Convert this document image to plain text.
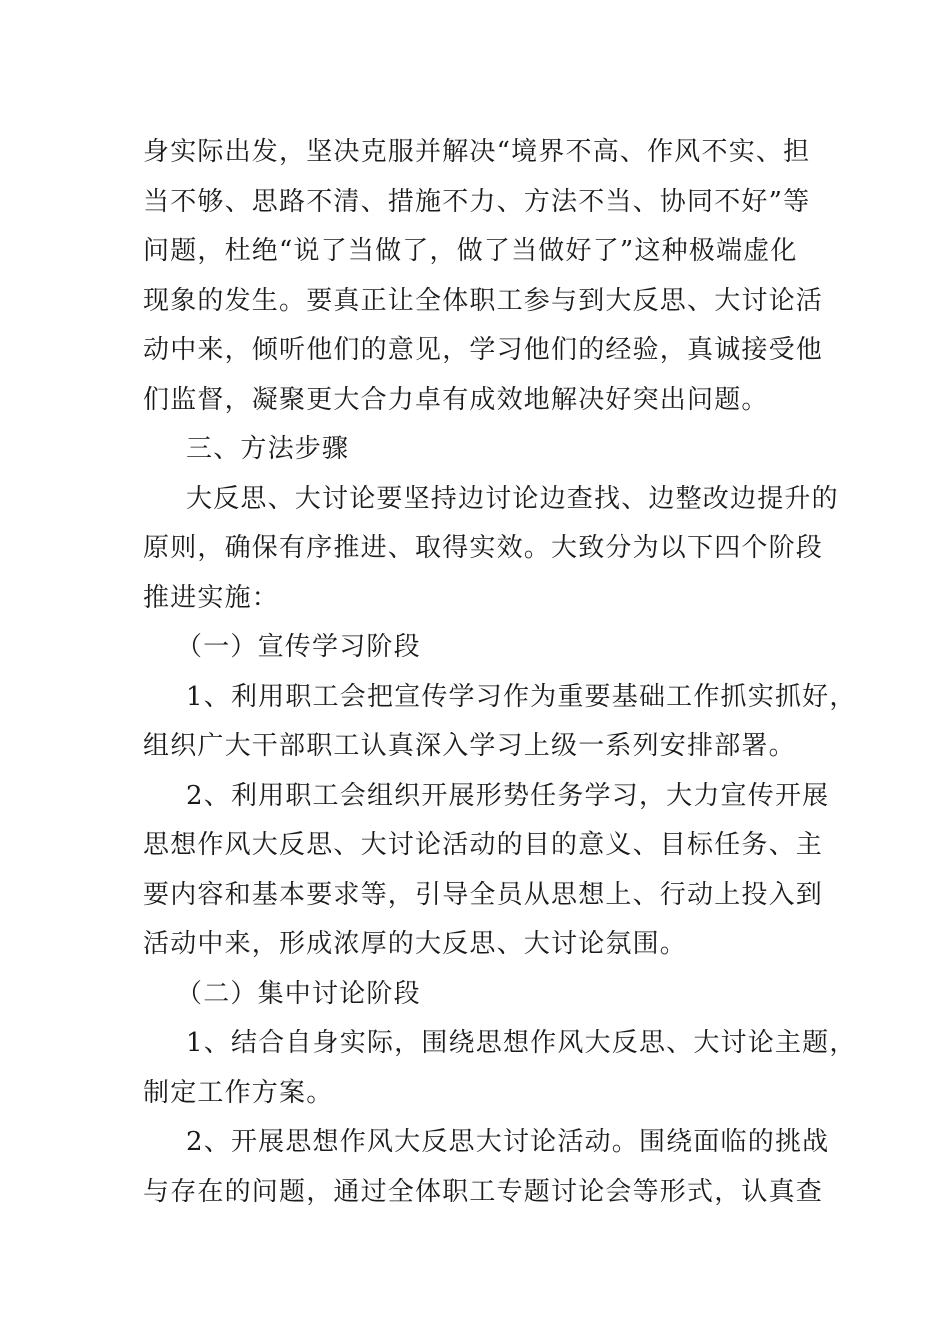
身实际出发，坚决克服并解决“境界不高、作风不实、担
当不够、思路不清、措施不力、方法不当、协同不好”等
问题，杜绝“说了当做了，做了当做好了”这种极端虚化
现象的发生。要真正让全体职工参与到大反思、大讨论活
动中来，倾听他们的意见，学习他们的经验，真诚接受他
们监督，凝聚更大合力卓有成效地解决好突出问题。
三、方法步骤
大反思、大讨论要坚持边讨论边查找、边整改边提升的
原则，确保有序推进、取得实效。大致分为以下四个阶段
推进实施：
（一）宣传学习阶段
1、利用职工会把宣传学习作为重要基础工作抓实抓好，
组织广大干部职工认真深入学习上级一系列安排部署。
2、利用职工会组织开展形势任务学习，大力宣传开展
思想作风大反思、大讨论活动的目的意义、目标任务、主
要内容和基本要求等，引导全员从思想上、行动上投入到
活动中来，形成浓厚的大反思、大讨论氛围。
（二）集中讨论阶段
1、结合自身实际，围绕思想作风大反思、大讨论主题，
制定工作方案。
2、开展思想作风大反思大讨论活动。围绕面临的挑战
与存在的问题，通过全体职工专题讨论会等形式，认真查
